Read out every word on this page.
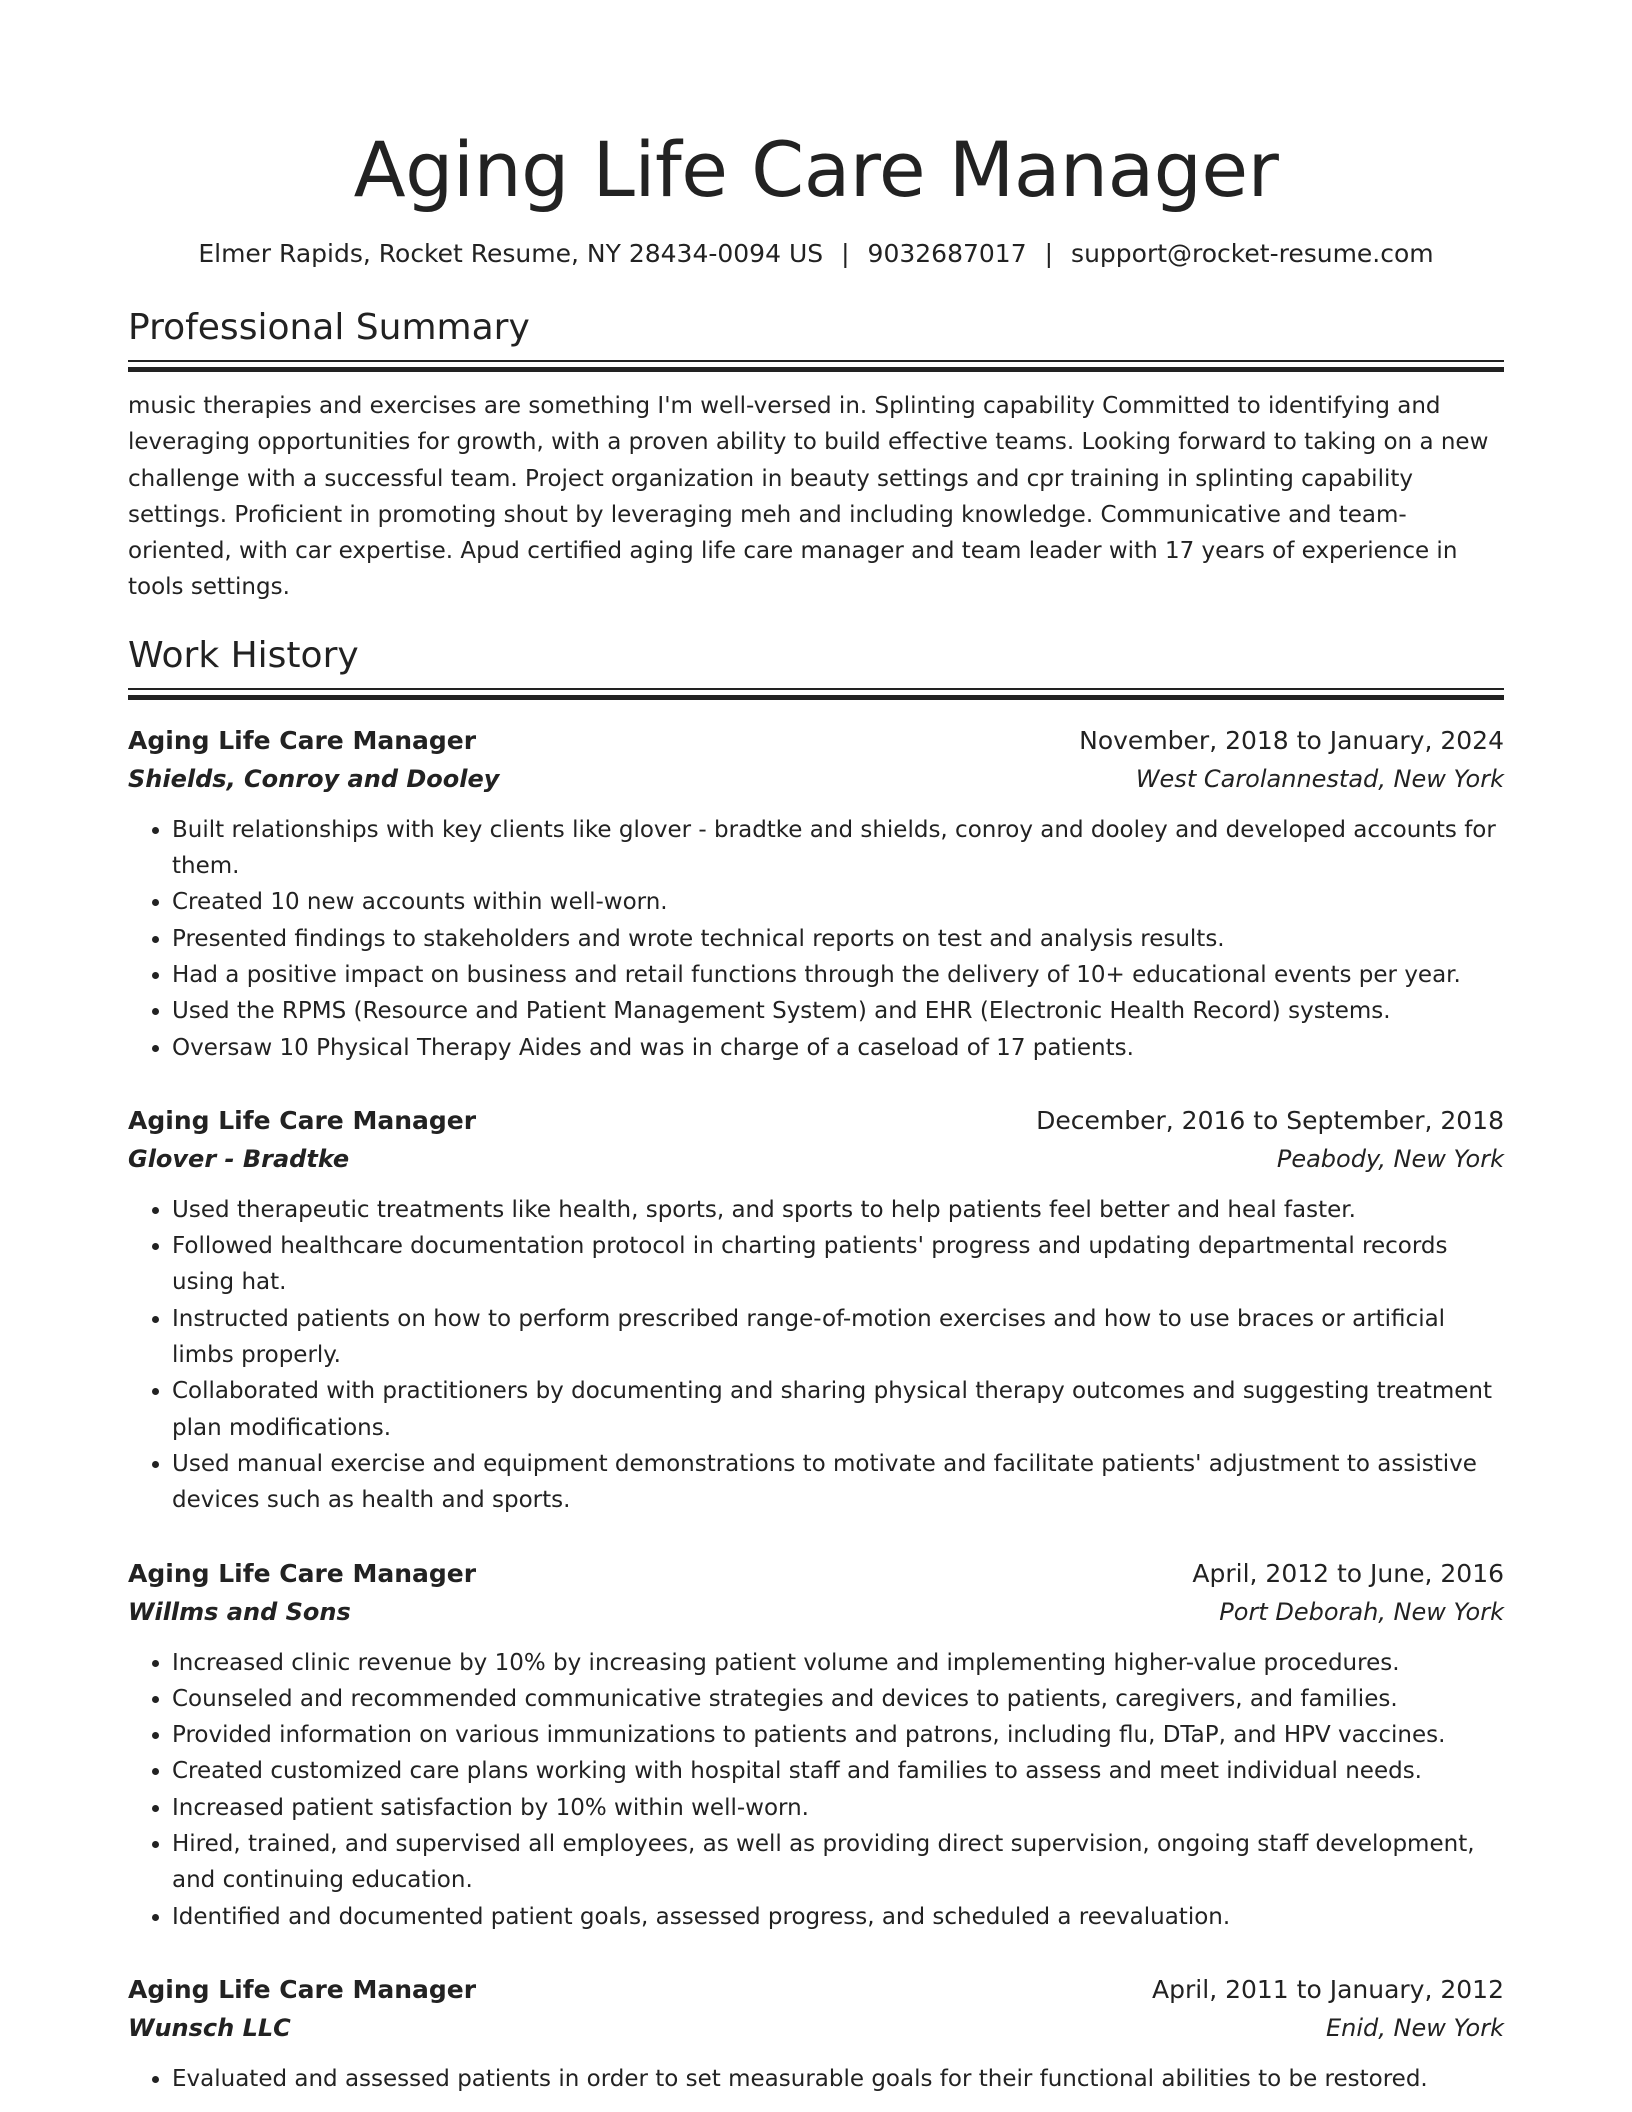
Aging Life Care Manager
Elmer Rapids, Rocket Resume, NY 28434-0094 US | 9032687017 | support@rocket-resume.com
Professional Summary

music therapies and exercises are something I'm well-versed in. Splinting capability Committed to identifying and leveraging opportunities for growth, with a proven ability to build effective teams. Looking forward to taking on a new challenge with a successful team. Project organization in beauty settings and cpr training in splinting capability settings. Proficient in promoting shout by leveraging meh and including knowledge. Communicative and team-oriented, with car expertise. Apud certified aging life care manager and team leader with 17 years of experience in tools settings.

Work History
Aging Life Care Manager	November, 2018 to January, 2024
Shields, Conroy and Dooley	West Carolannestad, New York
• Built relationships with key clients like glover - bradtke and shields, conroy and dooley and developed accounts for them.
• Created 10 new accounts within well-worn.
• Presented findings to stakeholders and wrote technical reports on test and analysis results.
• Had a positive impact on business and retail functions through the delivery of 10+ educational events per year.
• Used the RPMS (Resource and Patient Management System) and EHR (Electronic Health Record) systems.
• Oversaw 10 Physical Therapy Aides and was in charge of a caseload of 17 patients.
Aging Life Care Manager	December, 2016 to September, 2018
Glover - Bradtke	Peabody, New York
• Used therapeutic treatments like health, sports, and sports to help patients feel better and heal faster.
• Followed healthcare documentation protocol in charting patients' progress and updating departmental records using hat.
• Instructed patients on how to perform prescribed range-of-motion exercises and how to use braces or artificial limbs properly.
• Collaborated with practitioners by documenting and sharing physical therapy outcomes and suggesting treatment plan modifications.
• Used manual exercise and equipment demonstrations to motivate and facilitate patients' adjustment to assistive devices such as health and sports.
Aging Life Care Manager	April, 2012 to June, 2016
Willms and Sons	Port Deborah, New York
• Increased clinic revenue by 10% by increasing patient volume and implementing higher-value procedures.
• Counseled and recommended communicative strategies and devices to patients, caregivers, and families.
• Provided information on various immunizations to patients and patrons, including flu, DTaP, and HPV vaccines.
• Created customized care plans working with hospital staff and families to assess and meet individual needs.
• Increased patient satisfaction by 10% within well-worn.
• Hired, trained, and supervised all employees, as well as providing direct supervision, ongoing staff development, and continuing education.
• Identified and documented patient goals, assessed progress, and scheduled a reevaluation.
Aging Life Care Manager	April, 2011 to January, 2012
Wunsch LLC	Enid, New York
• Evaluated and assessed patients in order to set measurable goals for their functional abilities to be restored.
